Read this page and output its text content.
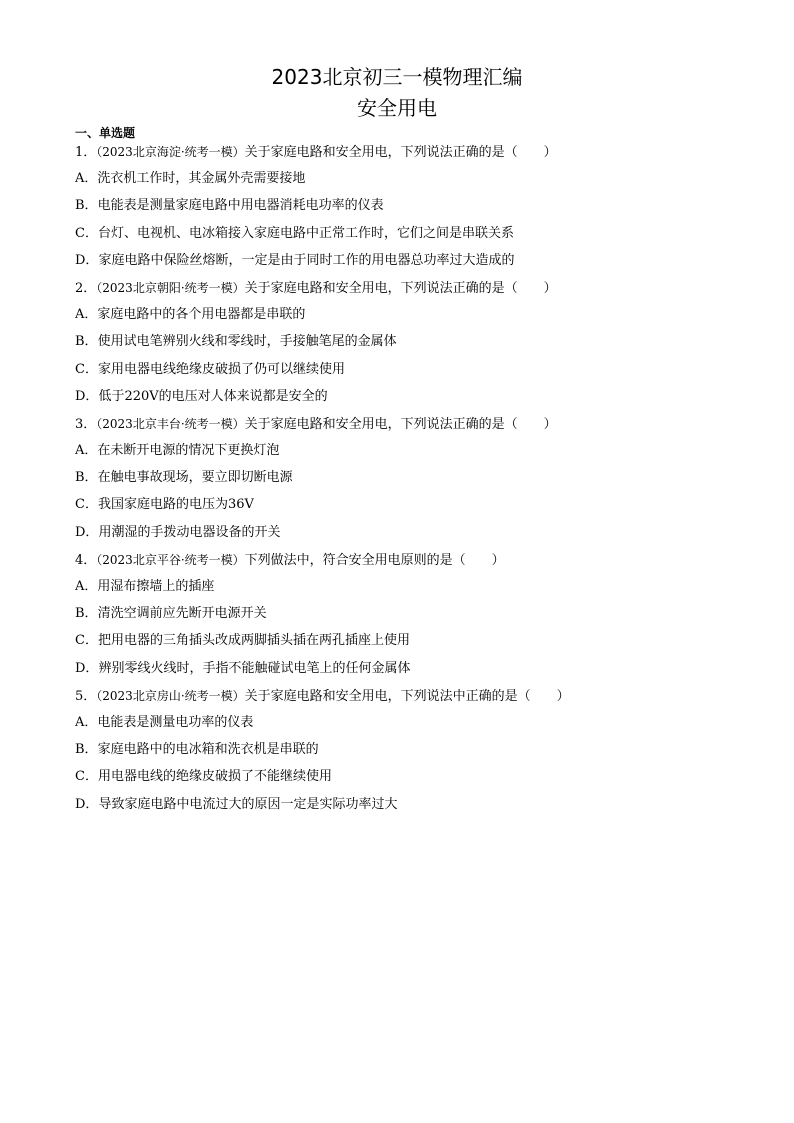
2023北京初三一模物理汇编
安全用电
一、单选题
1．（2023北京海淀·统考一模）关于家庭电路和安全用电，下列说法正确的是（　　）
A．洗衣机工作时，其金属外壳需要接地
B．电能表是测量家庭电路中用电器消耗电功率的仪表
C．台灯、电视机、电冰箱接入家庭电路中正常工作时，它们之间是串联关系
D．家庭电路中保险丝熔断，一定是由于同时工作的用电器总功率过大造成的
2．（2023北京朝阳·统考一模）关于家庭电路和安全用电，下列说法正确的是（　　）
A．家庭电路中的各个用电器都是串联的
B．使用试电笔辨别火线和零线时，手接触笔尾的金属体
C．家用电器电线绝缘皮破损了仍可以继续使用
D．低于220V的电压对人体来说都是安全的
3．（2023北京丰台·统考一模）关于家庭电路和安全用电，下列说法正确的是（　　）
A．在未断开电源的情况下更换灯泡
B．在触电事故现场，要立即切断电源
C．我国家庭电路的电压为36V
D．用潮湿的手拨动电器设备的开关
4．（2023北京平谷·统考一模）下列做法中，符合安全用电原则的是（　　）
A．用湿布擦墙上的插座
B．清洗空调前应先断开电源开关
C．把用电器的三角插头改成两脚插头插在两孔插座上使用
D．辨别零线火线时，手指不能触碰试电笔上的任何金属体
5．（2023北京房山·统考一模）关于家庭电路和安全用电，下列说法中正确的是（　　）
A．电能表是测量电功率的仪表
B．家庭电路中的电冰箱和洗衣机是串联的
C．用电器电线的绝缘皮破损了不能继续使用
D．导致家庭电路中电流过大的原因一定是实际功率过大
